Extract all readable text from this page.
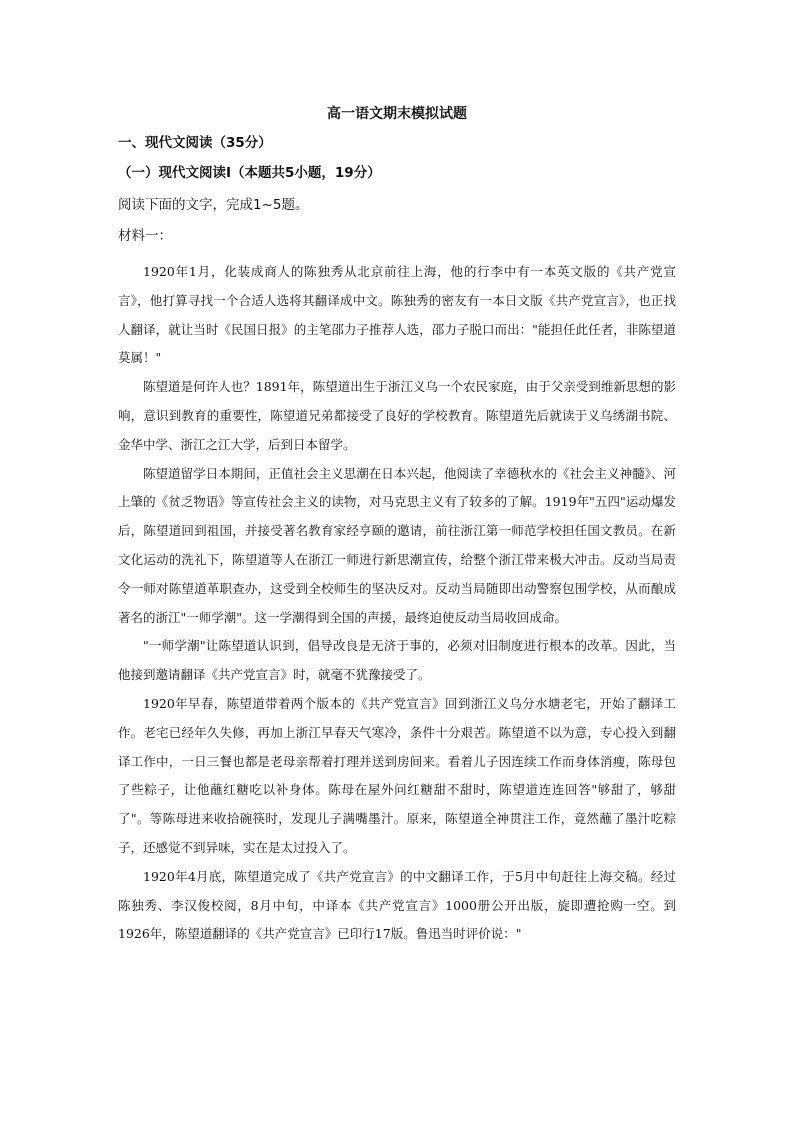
高一语文期末模拟试题
一、现代文阅读（35分）
（一）现代文阅读Ⅰ（本题共5小题，19分）
阅读下面的文字，完成1~5题。
材料一：

1920年1月，化装成商人的陈独秀从北京前往上海，他的行李中有一本英文版的《共产党宣言》，他打算寻找一个合适人选将其翻译成中文。陈独秀的密友有一本日文版《共产党宣言》，也正找人翻译，就让当时《民国日报》的主笔邵力子推荐人选，邵力子脱口而出："能担任此任者，非陈望道莫属！"

陈望道是何许人也？1891年，陈望道出生于浙江义乌一个农民家庭，由于父亲受到维新思想的影响，意识到教育的重要性，陈望道兄弟都接受了良好的学校教育。陈望道先后就读于义乌绣湖书院、金华中学、浙江之江大学，后到日本留学。

陈望道留学日本期间，正值社会主义思潮在日本兴起，他阅读了幸德秋水的《社会主义神髓》、河上肇的《贫乏物语》等宣传社会主义的读物，对马克思主义有了较多的了解。1919年"五四"运动爆发后，陈望道回到祖国，并接受著名教育家经亨颐的邀请，前往浙江第一师范学校担任国文教员。在新文化运动的洗礼下，陈望道等人在浙江一师进行新思潮宣传，给整个浙江带来极大冲击。反动当局责令一师对陈望道革职查办，这受到全校师生的坚决反对。反动当局随即出动警察包围学校，从而酿成著名的浙江"一师学潮"。这一学潮得到全国的声援，最终迫使反动当局收回成命。

"一师学潮"让陈望道认识到，倡导改良是无济于事的，必须对旧制度进行根本的改革。因此，当他接到邀请翻译《共产党宣言》时，就毫不犹豫接受了。

1920年早春，陈望道带着两个版本的《共产党宣言》回到浙江义乌分水塘老宅，开始了翻译工作。老宅已经年久失修，再加上浙江早春天气寒冷，条件十分艰苦。陈望道不以为意，专心投入到翻译工作中，一日三餐也都是老母亲帮着打理并送到房间来。看着儿子因连续工作而身体消瘦，陈母包了些粽子，让他蘸红糖吃以补身体。陈母在屋外问红糖甜不甜时，陈望道连连回答"够甜了，够甜了"。等陈母进来收拾碗筷时，发现儿子满嘴墨汁。原来，陈望道全神贯注工作，竟然蘸了墨汁吃粽子，还感觉不到异味，实在是太过投入了。

1920年4月底，陈望道完成了《共产党宣言》的中文翻译工作，于5月中旬赶往上海交稿。经过陈独秀、李汉俊校阅，8月中旬，中译本《共产党宣言》1000册公开出版，旋即遭抢购一空。到1926年，陈望道翻译的《共产党宣言》已印行17版。鲁迅当时评价说："
